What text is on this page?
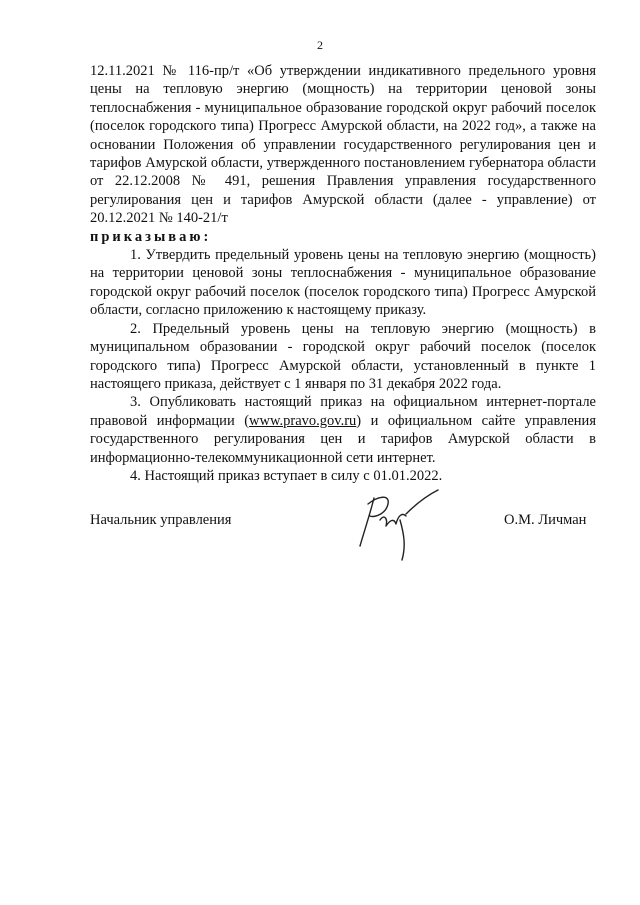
2

12.11.2021 № 116-пр/т «Об утверждении индикативного предельного уровня цены на тепловую энергию (мощность) на территории ценовой зоны теплоснабжения - муниципальное образование городской округ рабочий поселок (поселок городского типа) Прогресс Амурской области, на 2022 год», а также на основании Положения об управлении государственного регулирования цен и тарифов Амурской области, утвержденного постановлением губернатора области от 22.12.2008 № 491, решения Правления управления государственного регулирования цен и тарифов Амурской области (далее - управление) от 20.12.2021 № 140-21/т

приказываю:

1. Утвердить предельный уровень цены на тепловую энергию (мощность) на территории ценовой зоны теплоснабжения - муниципальное образование городской округ рабочий поселок (поселок городского типа) Прогресс Амурской области, согласно приложению к настоящему приказу.

2. Предельный уровень цены на тепловую энергию (мощность) в муниципальном образовании - городской округ рабочий поселок (поселок городского типа) Прогресс Амурской области, установленный в пункте 1 настоящего приказа, действует с 1 января по 31 декабря 2022 года.

3. Опубликовать настоящий приказ на официальном интернет-портале правовой информации (www.pravo.gov.ru) и официальном сайте управления государственного регулирования цен и тарифов Амурской области в информационно-телекоммуникационной сети интернет.

4. Настоящий приказ вступает в силу с 01.01.2022.

Начальник управления	О.М. Личман
